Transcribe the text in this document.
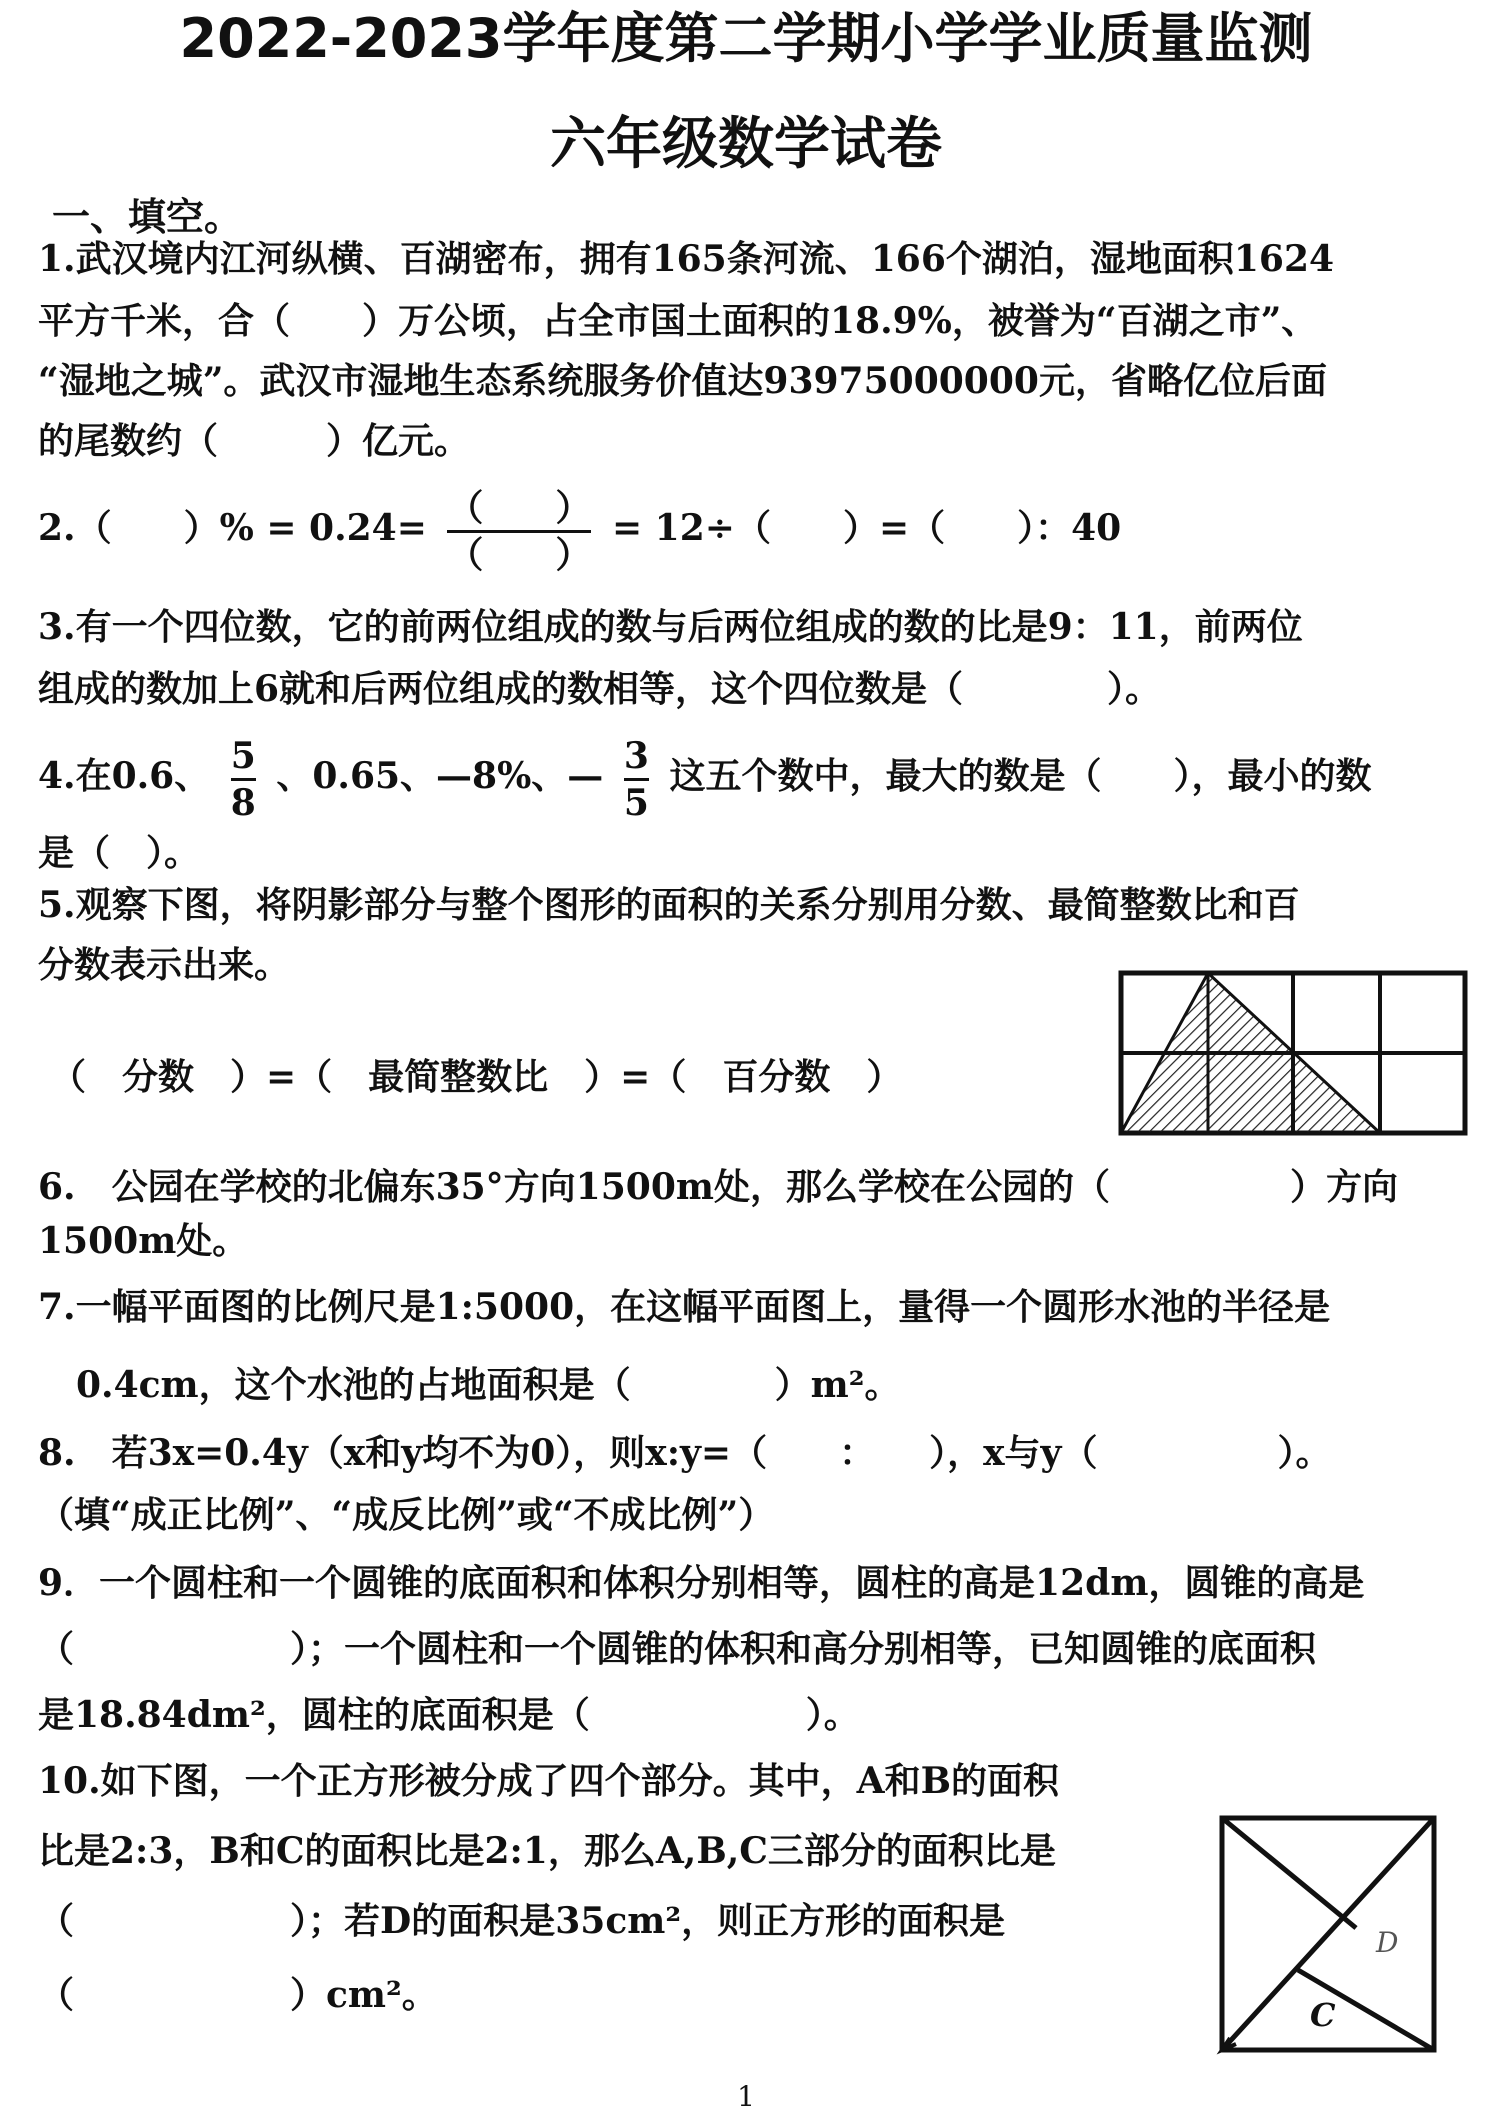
2022-2023学年度第二学期小学学业质量监测
六年级数学试卷
一、填空。
1.武汉境内江河纵横、百湖密布，拥有165条河流、166个湖泊，湿地面积1624
平方千米，合（　　）万公顷，占全市国土面积的18.9%，被誉为“百湖之市”、
“湿地之城”。武汉市湿地生态系统服务价值达93975000000元，省略亿位后面
的尾数约（　　　）亿元。
2.（　　）% = $0.24= \frac{( )}{( )} = 12\div$（　　）=（　　）：40
3.有一个四位数，它的前两位组成的数与后两位组成的数的比是9：11，前两位
组成的数加上6就和后两位组成的数相等，这个四位数是（　　　　）。
4.在0.6、 $\frac{5}{8}$ 、0.65、—8%、— $\frac{3}{5}$ 这五个数中，最大的数是（　　），最小的数
是（　）。
5.观察下图，将阴影部分与整个图形的面积的关系分别用分数、最简整数比和百
分数表示出来。
（　分数　）=（　最简整数比　）=（　百分数　）
6.　公园在学校的北偏东35°方向1500m处，那么学校在公园的（　　　　　）方向
1500m处。
7.一幅平面图的比例尺是1:5000，在这幅平面图上，量得一个圆形水池的半径是
0.4cm，这个水池的占地面积是（　　　　）m²。
8.　若3x=0.4y（x和y均不为0），则x:y=（　　：　　），x与y（　　　　　）。
（填“成正比例”、“成反比例”或“不成比例”）
9．一个圆柱和一个圆锥的底面积和体积分别相等，圆柱的高是12dm，圆锥的高是
（　　　　　　）；一个圆柱和一个圆锥的体积和高分别相等，已知圆锥的底面积
是18.84dm²，圆柱的底面积是（　　　　　　）。
10.如下图，一个正方形被分成了四个部分。其中，A和B的面积
比是2:3，B和C的面积比是2:1，那么A,B,C三部分的面积比是
（　　　　　　）；若D的面积是35cm²，则正方形的面积是
（　　　　　　）cm²。
D
C
1
